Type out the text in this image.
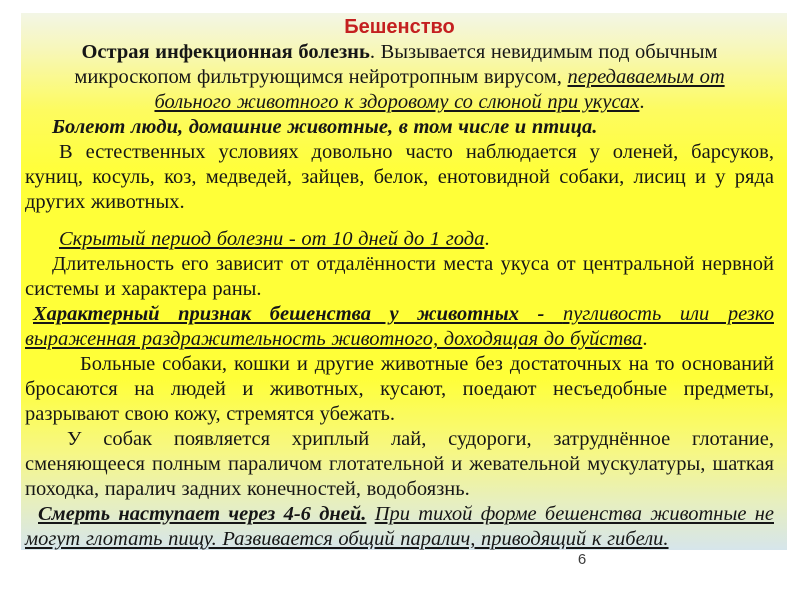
Бешенство

Острая инфекционная болезнь. Вызывается невидимым под обычным микроскопом фильтрующимся нейротропным вирусом, передаваемым от больного животного к здоровому со слюной при укусах.

Болеют люди, домашние животные, в том числе и птица.

В естественных условиях довольно часто наблюдается у оленей, барсуков, куниц, косуль, коз, медведей, зайцев, белок, енотовидной собаки, лисиц и у ряда других животных.

Скрытый период болезни - от 10 дней до 1 года.

Длительность его зависит от отдалённости места укуса от центральной нервной системы и характера раны.

Характерный признак бешенства у животных - пугливость или резко выраженная раздражительность животного, доходящая до буйства.

Больные собаки, кошки и другие животные без достаточных на то оснований бросаются на людей и животных, кусают, поедают несъедобные предметы, разрывают свою кожу, стремятся убежать.

У собак появляется хриплый лай, судороги, затруднённое глотание, сменяющееся полным параличом глотательной и жевательной мускулатуры, шаткая походка, паралич задних конечностей, водобоязнь.

Смерть наступает через 4-6 дней. При тихой форме бешенства животные не могут глотать пищу. Развивается общий паралич, приводящий к гибели.

6
